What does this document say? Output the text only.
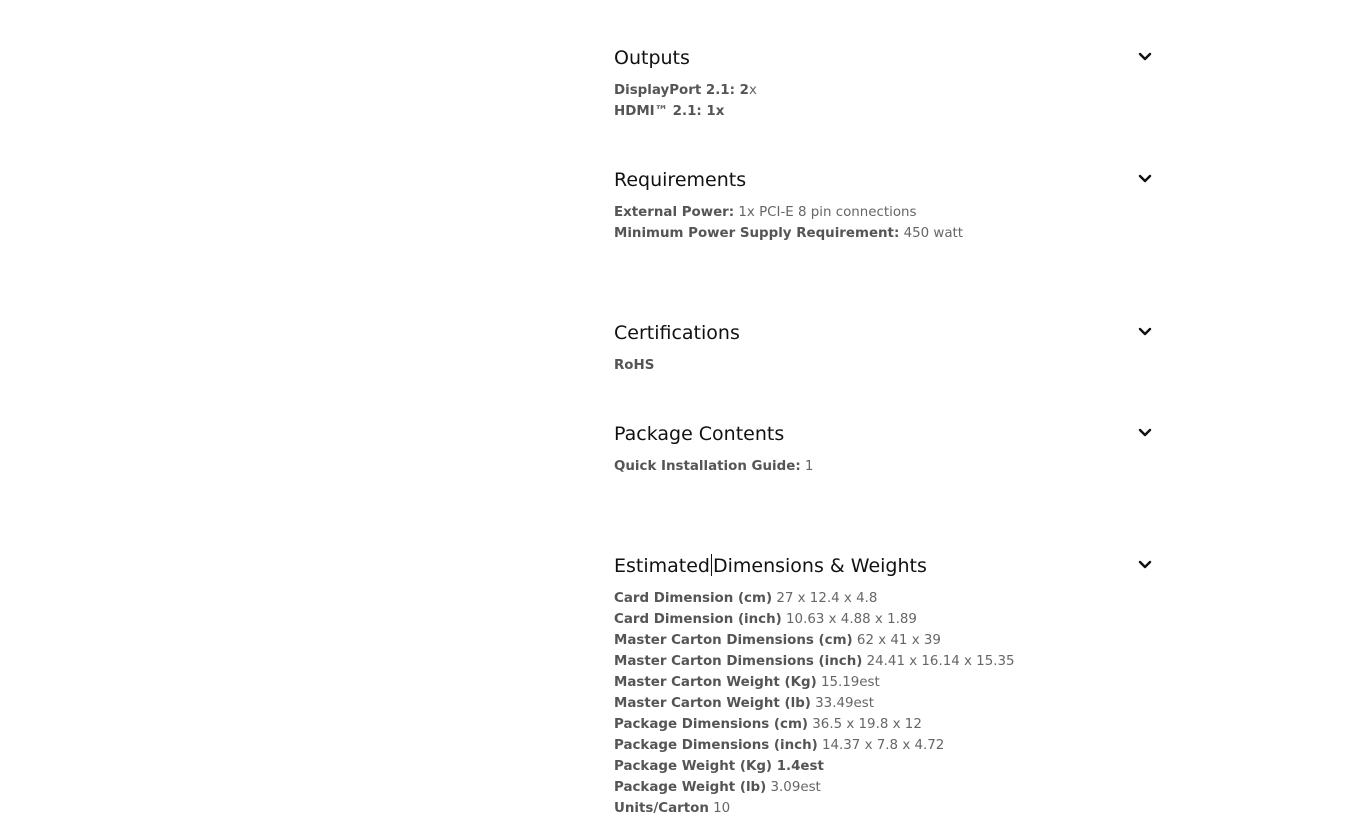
Outputs
DisplayPort 2.1: 2x
HDMI™ 2.1: 1x
Requirements
External Power: 1x PCI-E 8 pin connections
Minimum Power Supply Requirement: 450 watt
Certifications
RoHS
Package Contents
Quick Installation Guide: 1
Estimated Dimensions & Weights
Card Dimension (cm) 27 x 12.4 x 4.8
Card Dimension (inch) 10.63 x 4.88 x 1.89
Master Carton Dimensions (cm) 62 x 41 x 39
Master Carton Dimensions (inch) 24.41 x 16.14 x 15.35
Master Carton Weight (Kg) 15.19est
Master Carton Weight (lb) 33.49est
Package Dimensions (cm) 36.5 x 19.8 x 12
Package Dimensions (inch) 14.37 x 7.8 x 4.72
Package Weight (Kg) 1.4est
Package Weight (lb) 3.09est
Units/Carton 10
